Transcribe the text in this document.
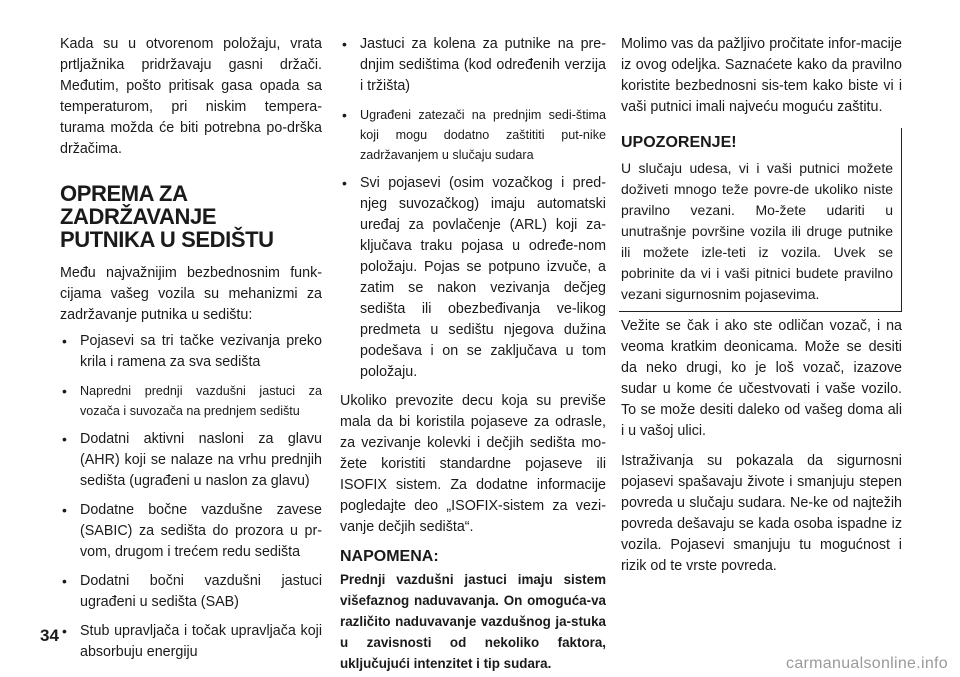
Kada su u otvorenom položaju, vrata prtljažnika pridržavaju gasni držači. Međutim, pošto pritisak gasa opada sa temperaturom, pri niskim tempera-turama možda će biti potrebna po-drška držačima.

OPREMA ZA
ZADRŽAVANJE
PUTNIKA U SEDIŠTU

Među najvažnijim bezbednosnim funk-cijama vašeg vozila su mehanizmi za zadržavanje putnika u sedištu:

• Pojasevi sa tri tačke vezivanja preko krila i ramena za sva sedišta
• Napredni prednji vazdušni jastuci za vozača i suvozača na prednjem sedištu
• Dodatni aktivni nasloni za glavu (AHR) koji se nalaze na vrhu prednjih sedišta (ugrađeni u naslon za glavu)
• Dodatne bočne vazdušne zavese (SABIC) za sedišta do prozora u pr-vom, drugom i trećem redu sedišta
• Dodatni bočni vazdušni jastuci ugrađeni u sedišta (SAB)
• Stub upravljača i točak upravljača koji absorbuju energiju
• Jastuci za kolena za putnike na pre-dnjim sedištima (kod određenih verzija i tržišta)
• Ugrađeni zatezači na prednjim sedi-štima koji mogu dodatno zaštititi put-nike zadržavanjem u slučaju sudara
• Svi pojasevi (osim vozačkog i pred-njeg suvozačkog) imaju automatski uređaj za povlačenje (ARL) koji za-ključava traku pojasa u određe-nom položaju. Pojas se potpuno izvuče, a zatim se nakon vezivanja dečjeg sedišta ili obezbeđivanja ve-likog predmeta u sedištu njegova dužina podešava i on se zaključava u tom položaju.

Ukoliko prevozite decu koja su previše mala da bi koristila pojaseve za odrasle, za vezivanje kolevki i dečjih sedišta mo-žete koristiti standardne pojaseve ili ISOFIX sistem. Za dodatne informacije pogledajte deo „ISOFIX-sistem za vezi-vanje dečjih sedišta“.

NAPOMENA:

Prednji vazdušni jastuci imaju sistem višefaznog naduvavanja. On omogućа-va različito naduvavanje vazdušnog ja-stuka u zavisnosti od nekoliko faktora, uključujući intenzitet i tip sudara.

Molimo vas da pažljivo pročitate infor-macije iz ovog odeljka. Saznaćete kako da pravilno koristite bezbednosni sis-tem kako biste vi i vaši putnici imali najveću moguću zaštitu.

UPOZORENJE!

U slučaju udesa, vi i vaši putnici možete doživeti mnogo teže povre-de ukoliko niste pravilno vezani. Mo-žete udariti u unutrašnje površine vozila ili druge putnike ili možete izle-teti iz vozila. Uvek se pobrinite da vi i vaši pitnici budete pravilno vezani sigurnosnim pojasevima.

Vežite se čak i ako ste odličan vozač, i na veoma kratkim deonicama. Može se desiti da neko drugi, ko je loš vozač, izazove sudar u kome će učestvovati i vaše vozilo. To se može desiti daleko od vašeg doma ali i u vašoj ulici.

Istraživanja su pokazala da sigurnosni pojasevi spašavaju živote i smanjuju stepen povreda u slučaju sudara. Ne-ke od najtežih povreda dešavaju se kada osoba ispadne iz vozila. Pojasevi smanjuju tu mogućnost i rizik od te vrste povreda.

34
carmanualsonline.info
